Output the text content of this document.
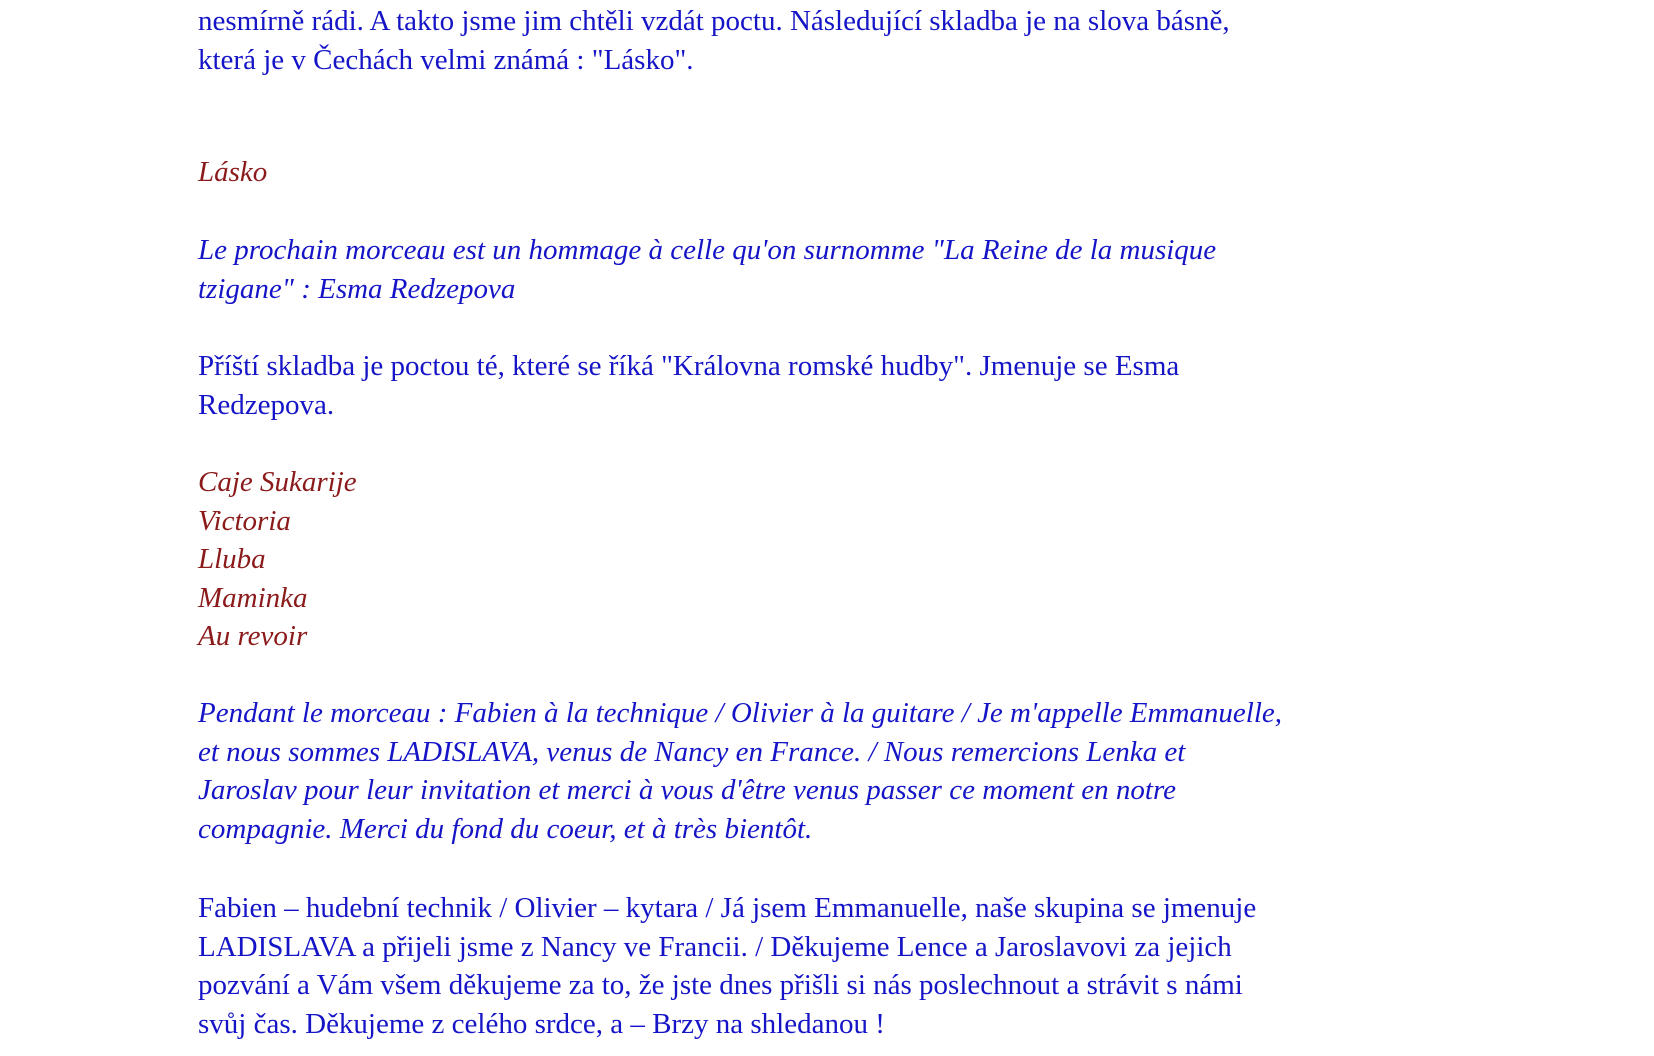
nesmírně rádi. A takto jsme jim chtěli vzdát poctu. Následující skladba je na slova básně,
která je v Čechách velmi známá : "Lásko".
Lásko
Le prochain morceau est un hommage à celle qu'on surnomme "La Reine de la musique
tzigane" : Esma Redzepova
Příští skladba je poctou té, které se říká "Královna romské hudby". Jmenuje se Esma
Redzepova.
Caje Sukarije
Victoria
Lluba
Maminka
Au revoir
Pendant le morceau : Fabien à la technique / Olivier à la guitare / Je m'appelle Emmanuelle,
et nous sommes LADISLAVA, venus de Nancy en France. / Nous remercions Lenka et
Jaroslav pour leur invitation et merci à vous d'être venus passer ce moment en notre
compagnie. Merci du fond du coeur, et à très bientôt.
Fabien – hudební technik / Olivier – kytara / Já jsem Emmanuelle, naše skupina se jmenuje
LADISLAVA a přijeli jsme z Nancy ve Francii. / Děkujeme Lence a Jaroslavovi za jejich
pozvání a Vám všem děkujeme za to, že jste dnes přišli si nás poslechnout a strávit s námi
svůj čas. Děkujeme z celého srdce, a – Brzy na shledanou !
